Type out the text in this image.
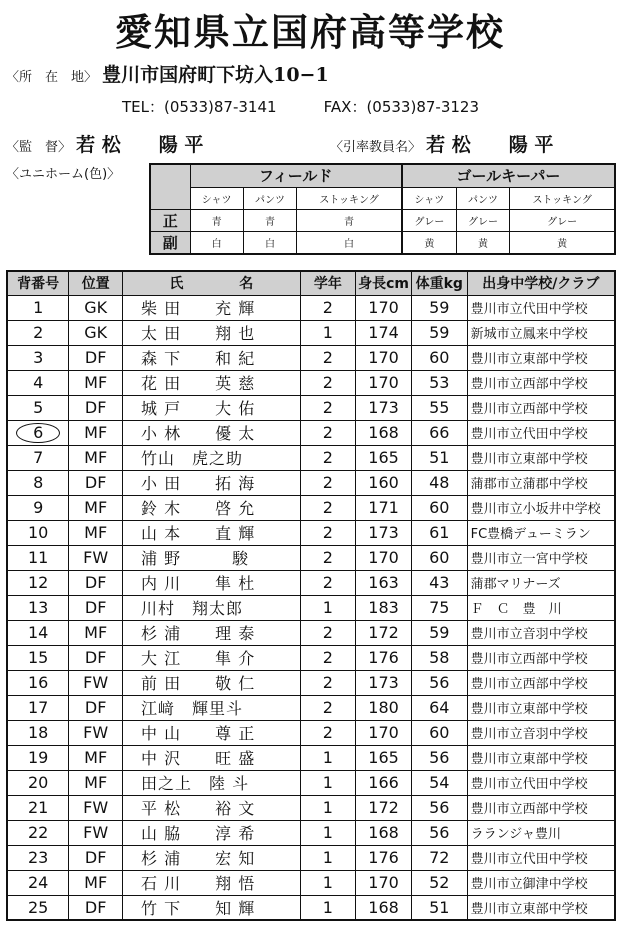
愛知県立国府高等学校
〈所　在　地〉 豊川市国府町下坊入10−1
TEL：(0533)87-3141	FAX：(0533)87-3123
〈監　督〉 若 松　　陽 平	〈引率教員名〉 若 松　　陽 平
〈ユニホーム(色)〉
		フィールド			ゴールキーパー		
	シャツ	パンツ	ストッキング	シャツ	パンツ	ストッキング
正	青	青	青	グレー	グレー	グレー
副	白	白	白	黄	黄	黄
背番号	位置	氏　　　　名	学年	身長cm	体重kg	出身中学校/クラブ
1	GK	柴 田　　充 輝	2	170	59	豊川市立代田中学校
2	GK	太 田　　翔 也	1	174	59	新城市立鳳来中学校
3	DF	森 下　　和 紀	2	170	60	豊川市立東部中学校
4	MF	花 田　　英 慈	2	170	53	豊川市立西部中学校
5	DF	城 戸　　大 佑	2	173	55	豊川市立西部中学校
6	MF	小 林　　優 太	2	168	66	豊川市立代田中学校
7	MF	竹山　虎之助	2	165	51	豊川市立東部中学校
8	DF	小 田　　拓 海	2	160	48	蒲郡市立蒲郡中学校
9	MF	鈴 木　　啓 允	2	171	60	豊川市立小坂井中学校
10	MF	山 本　　直 輝	2	173	61	FC豊橋デューミラン
11	FW	浦 野　　　駿	2	170	60	豊川市立一宮中学校
12	DF	内 川　　隼 杜	2	163	43	蒲郡マリナーズ
13	DF	川村　翔太郎	1	183	75	Ｆ　Ｃ　豊　川
14	MF	杉 浦　　理 泰	2	172	59	豊川市立音羽中学校
15	DF	大 江　　隼 介	2	176	58	豊川市立西部中学校
16	FW	前 田　　敬 仁	2	173	56	豊川市立西部中学校
17	DF	江﨑　輝里斗	2	180	64	豊川市立東部中学校
18	FW	中 山　　尊 正	2	170	60	豊川市立音羽中学校
19	MF	中 沢　　旺 盛	1	165	56	豊川市立東部中学校
20	MF	田之上　陸 斗	1	166	54	豊川市立代田中学校
21	FW	平 松　　裕 文	1	172	56	豊川市立西部中学校
22	FW	山 脇　　淳 希	1	168	56	ラランジャ豊川
23	DF	杉 浦　　宏 知	1	176	72	豊川市立代田中学校
24	MF	石 川　　翔 悟	1	170	52	豊川市立御津中学校
25	DF	竹 下　　知 輝	1	168	51	豊川市立東部中学校
